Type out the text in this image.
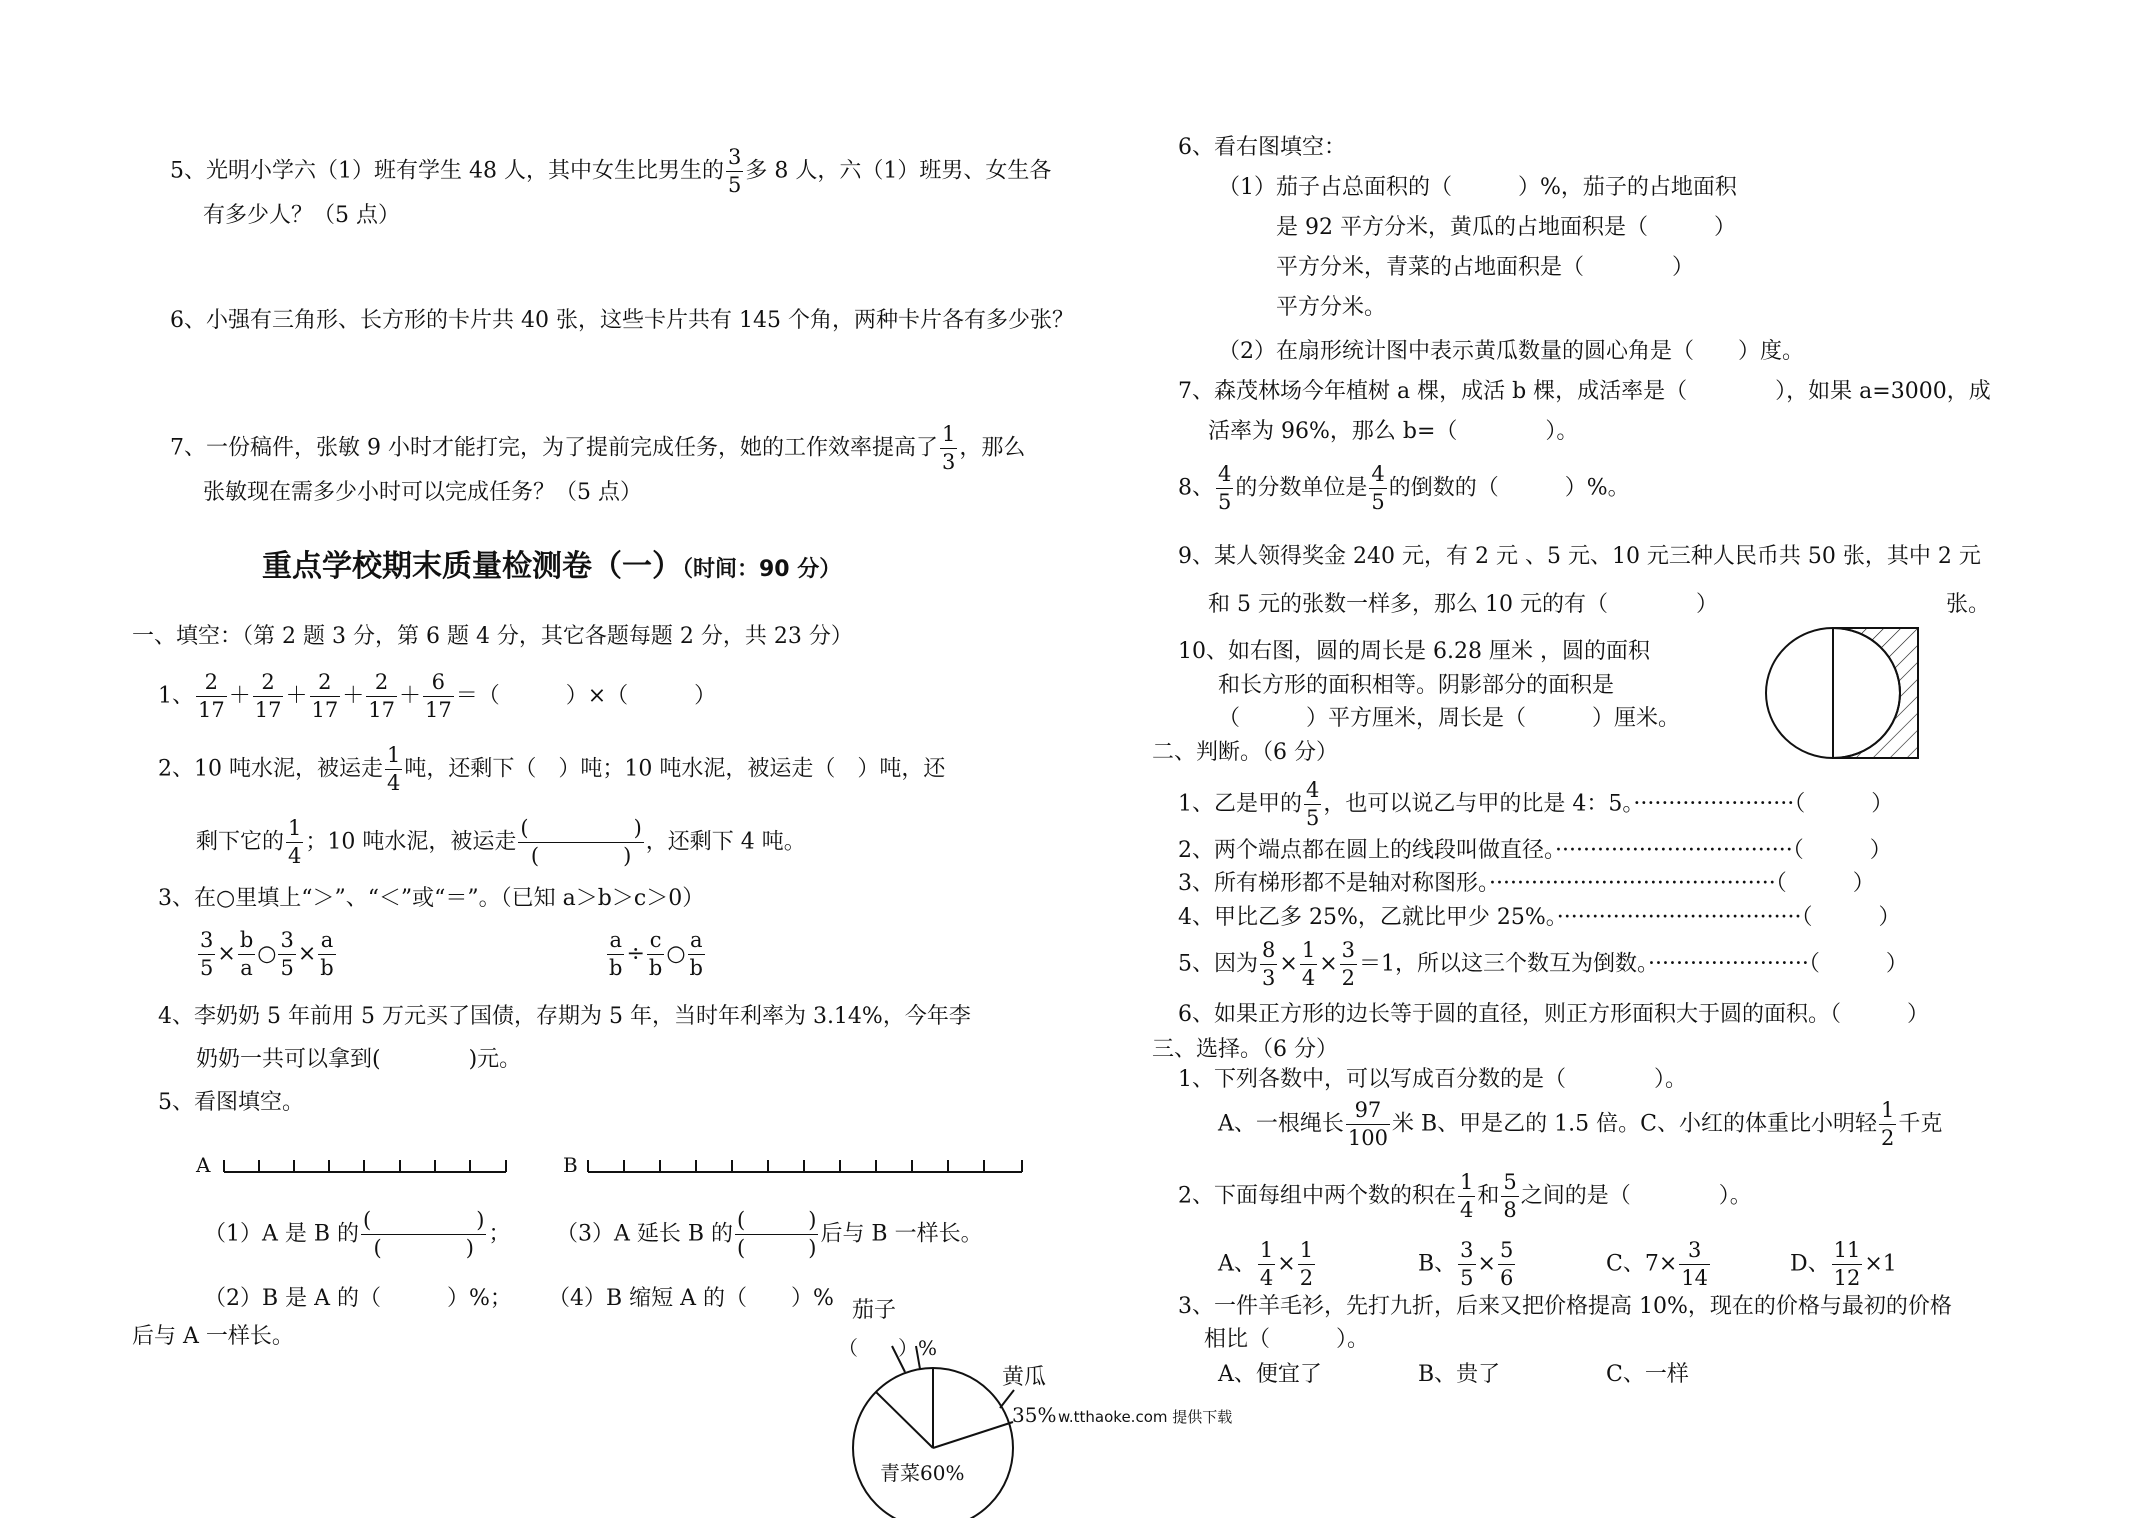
5、光明小学六（1）班有学生 48 人，其中女生比男生的 $\frac{3}{5}$ 多 8 人，六（1）班男、女生各
有多少人？（5 点）
6、小强有三角形、长方形的卡片共 40 张，这些卡片共有 145 个角，两种卡片各有多少张？
7、一份稿件，张敏 9 小时才能打完，为了提前完成任务，她的工作效率提高了 $\frac{1}{3}$ ，那么
张敏现在需多少小时可以完成任务？（5 点）
重点学校期末质量检测卷（一）（时间：90 分）
一、填空：（第 2 题 3 分，第 6 题 4 分，其它各题每题 2 分，共 23 分）
1、 $\frac{2}{17} + \frac{2}{17} + \frac{2}{17} + \frac{2}{17} + \frac{6}{17}$ ＝（　　　）×（　　　）
2、10 吨水泥，被运走 $\frac{1}{4}$ 吨，还剩下（　）吨；10 吨水泥，被运走（　）吨，还
剩下它的 $\frac{1}{4}$ ；10 吨水泥，被运走
(　　　　　)
(　　　　)
，还剩下 4 吨。
3、在○里填上“＞”、“＜”或“＝”。（已知 a＞b＞c＞0）
$\frac{3}{5} \times \frac{b}{a}$ ○ $\frac{3}{5} \times \frac{a}{b}$	$\frac{a}{b} \div \frac{c}{b}$ ○ $\frac{a}{b}$
4、李奶奶 5 年前用 5 万元买了国债，存期为 5 年，当时年利率为 3.14%，今年李
奶奶一共可以拿到(　　　　)元。
5、看图填空。
A	B
（1）A 是 B 的
(　　　　　)
(　　　　)
； （3）A 延长 B 的
(　　　)
(　　　)
后与 B 一样长。
（2）B 是 A 的（　　　）%； （4）B 缩短 A 的（　　）%
后与 A 一样长。
茄子
（　　）%
黄瓜
35% w.tthaoke.com 提供下载
青菜60%
6、看右图填空：
（1）茄子占总面积的（　　　）%，茄子的占地面积
是 92 平方分米，黄瓜的占地面积是（　　　）
平方分米，青菜的占地面积是（　　　　）
平方分米。
（2）在扇形统计图中表示黄瓜数量的圆心角是（　　）度。
7、森茂林场今年植树 a 棵，成活 b 棵，成活率是（　　　　），如果 a=3000，成
活率为 96%，那么 b=（　　　　）。
8、 $\frac{4}{5}$ 的分数单位是 $\frac{4}{5}$ 的倒数的（　　　）%。
9、某人领得奖金 240 元，有 2 元 、5 元、10 元三种人民币共 50 张，其中 2 元
和 5 元的张数一样多，那么 10 元的有（　　　　）	张。
10、如右图，圆的周长是 6.28 厘米 ，圆的面积
和长方形的面积相等。阴影部分的面积是
（　　　）平方厘米，周长是（　　　）厘米。
二、判断。（6 分）
1、乙是甲的 $\frac{4}{5}$ ，也可以说乙与甲的比是 4：5。·······················（　　　）
2、两个端点都在圆上的线段叫做直径。··································（　　　）
3、所有梯形都不是轴对称图形。·········································（　　　）
4、甲比乙多 25%，乙就比甲少 25%。···································（　　　）
5、因为 $\frac{8}{3} \times \frac{1}{4} \times \frac{3}{2} =1$，所以这三个数互为倒数。·······················（　　　）
6、如果正方形的边长等于圆的直径，则正方形面积大于圆的面积。（　　　）
三、选择。（6 分）
1、下列各数中，可以写成百分数的是（　　　　）。
A、一根绳长 $\frac{97}{100}$ 米 B、甲是乙的 1.5 倍。C、小红的体重比小明轻 $\frac{1}{2}$ 千克
2、下面每组中两个数的积在 $\frac{1}{4}$ 和 $\frac{5}{8}$ 之间的是（　　　　）。
A、 $\frac{1}{4} \times \frac{1}{2}$	B、 $\frac{3}{5} \times \frac{5}{6}$	C、$7\times \frac{3}{14}$	D、 $\frac{11}{12} \times 1$
3、一件羊毛衫，先打九折，后来又把价格提高 10%，现在的价格与最初的价格
相比（　　　）。
A、便宜了	B、贵了	C、一样
